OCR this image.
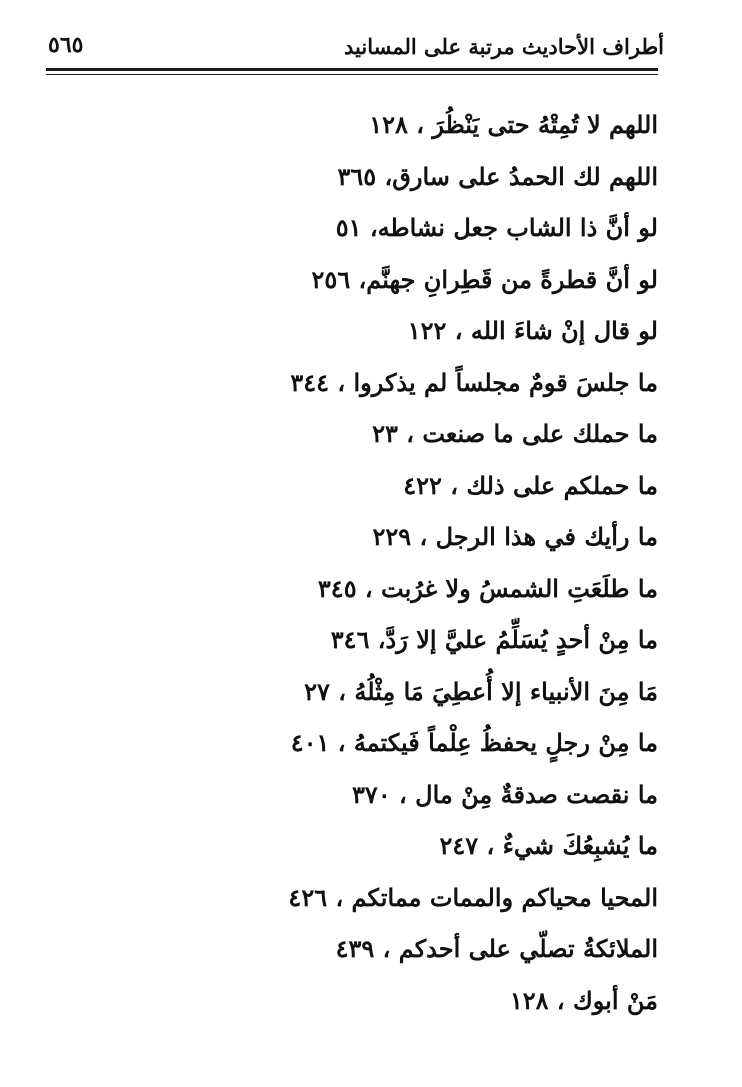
أطراف الأحاديث مرتبة على المسانيد
٥٦٥
اللهم لا تُمِتْهُ حتى يَنْظُرَ ، ١٢٨
اللهم لك الحمدُ على سارق، ٣٦٥
لو أنَّ ذا الشاب جعل نشاطه، ٥١
لو أنَّ قطرةً من قَطِرانِ جهنَّم، ٢٥٦
لو قال إنْ شاءَ الله ، ١٢٢
ما جلسَ قومٌ مجلساً لم يذكروا ، ٣٤٤
ما حملك على ما صنعت ، ٢٣
ما حملكم على ذلك ، ٤٢٢
ما رأيك في هذا الرجل ، ٢٢٩
ما طلَعَتِ الشمسُ ولا غرُبت ، ٣٤٥
ما مِنْ أحدٍ يُسَلِّمُ عليَّ إلا رَدَّ، ٣٤٦
مَا مِنَ الأنبياء إلا أُعطِيَ مَا مِثْلُهُ ، ٢٧
ما مِنْ رجلٍ يحفظُ عِلْماً فَيكتمهُ ، ٤٠١
ما نقصت صدقةٌ مِنْ مال ، ٣٧٠
ما يُشبِعُكَ شيءٌ ، ٢٤٧
المحيا محياكم والممات مماتكم ، ٤٢٦
الملائكةُ تصلّي على أحدكم ، ٤٣٩
مَنْ أبوك ، ١٢٨
